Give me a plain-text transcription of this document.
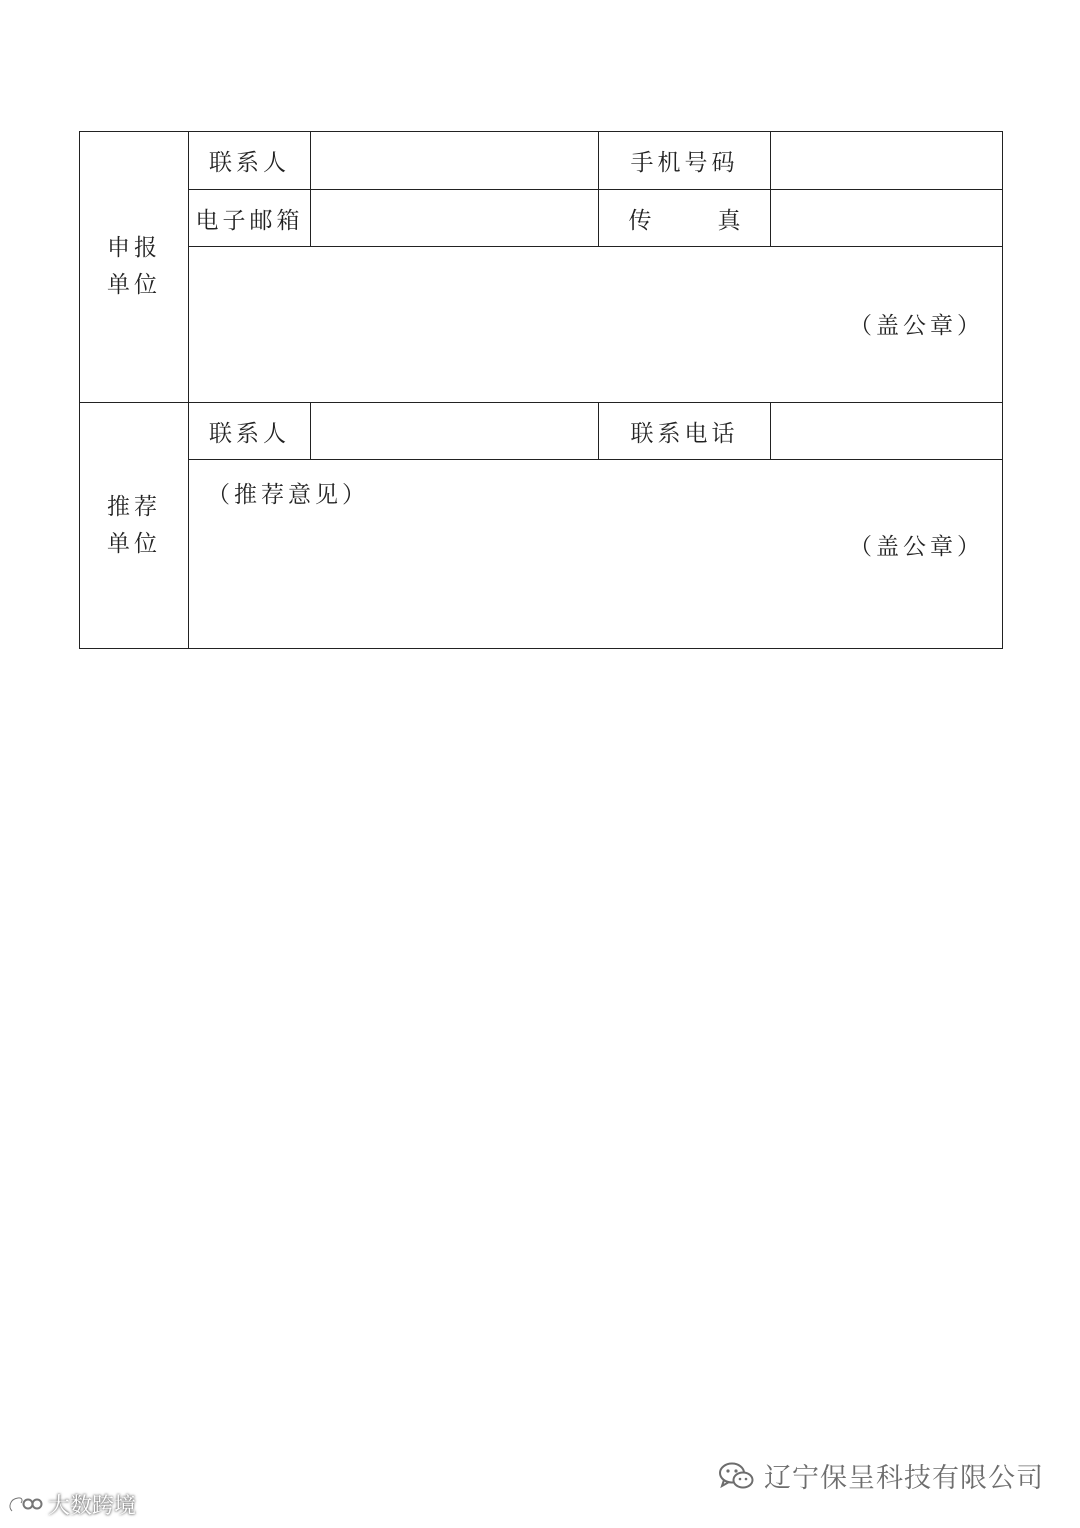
申报
单位	联系人		手机号码	

	电子邮箱		传 真	

	（盖公章）			

推荐
单位	联系人		联系电话	

	（推荐意见）
（盖公章）			
大数跨境
辽宁保呈科技有限公司
